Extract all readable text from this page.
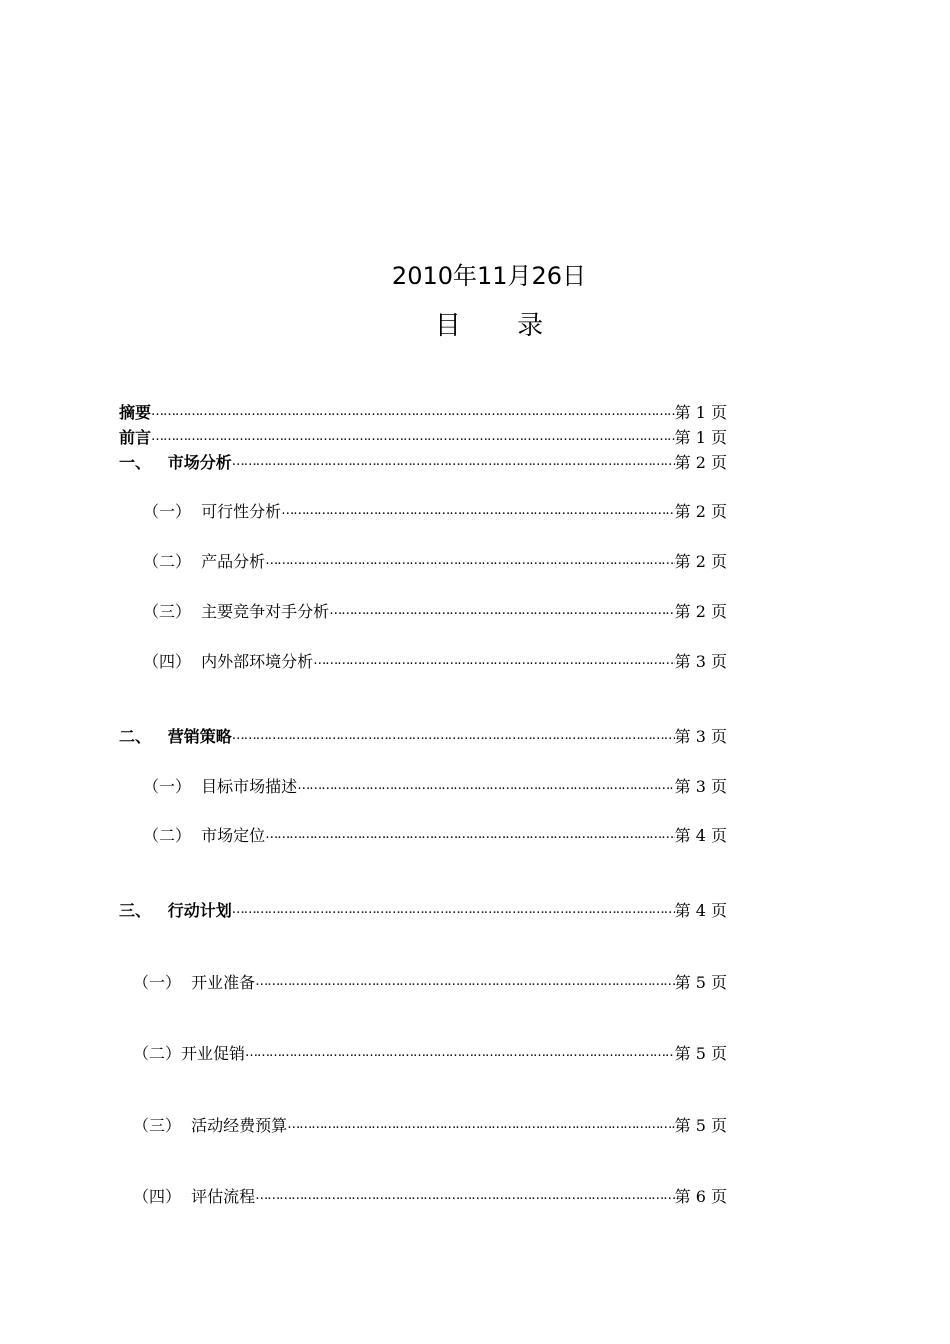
2010年11月26日
目 录
摘要 ……………………………………………………………………………………………………………………………………………………………………………………………………	第 1 页
前言 ……………………………………………………………………………………………………………………………………………………………………………………………………	第 1 页
一、   市场分析 ……………………………………………………………………………………………………………………………………………………………………………………………………	第 2 页
（一）  可行性分析 ……………………………………………………………………………………………………………………………………………………………………………………………………	第 2 页
（二）  产品分析 ……………………………………………………………………………………………………………………………………………………………………………………………………	第 2 页
（三）  主要竞争对手分析 ……………………………………………………………………………………………………………………………………………………………………………………………………	第 2 页
（四）  内外部环境分析 ……………………………………………………………………………………………………………………………………………………………………………………………………	第 3 页
二、   营销策略 ……………………………………………………………………………………………………………………………………………………………………………………………………	第 3 页
（一）  目标市场描述 ……………………………………………………………………………………………………………………………………………………………………………………………………	第 3 页
（二）  市场定位 ……………………………………………………………………………………………………………………………………………………………………………………………………	第 4 页
三、   行动计划 ……………………………………………………………………………………………………………………………………………………………………………………………………	第 4 页
（一）  开业准备 ……………………………………………………………………………………………………………………………………………………………………………………………………	第 5 页
（二）开业促销 ……………………………………………………………………………………………………………………………………………………………………………………………………	第 5 页
（三）  活动经费预算 ……………………………………………………………………………………………………………………………………………………………………………………………………	第 5 页
（四）  评估流程 ……………………………………………………………………………………………………………………………………………………………………………………………………	第 6 页
